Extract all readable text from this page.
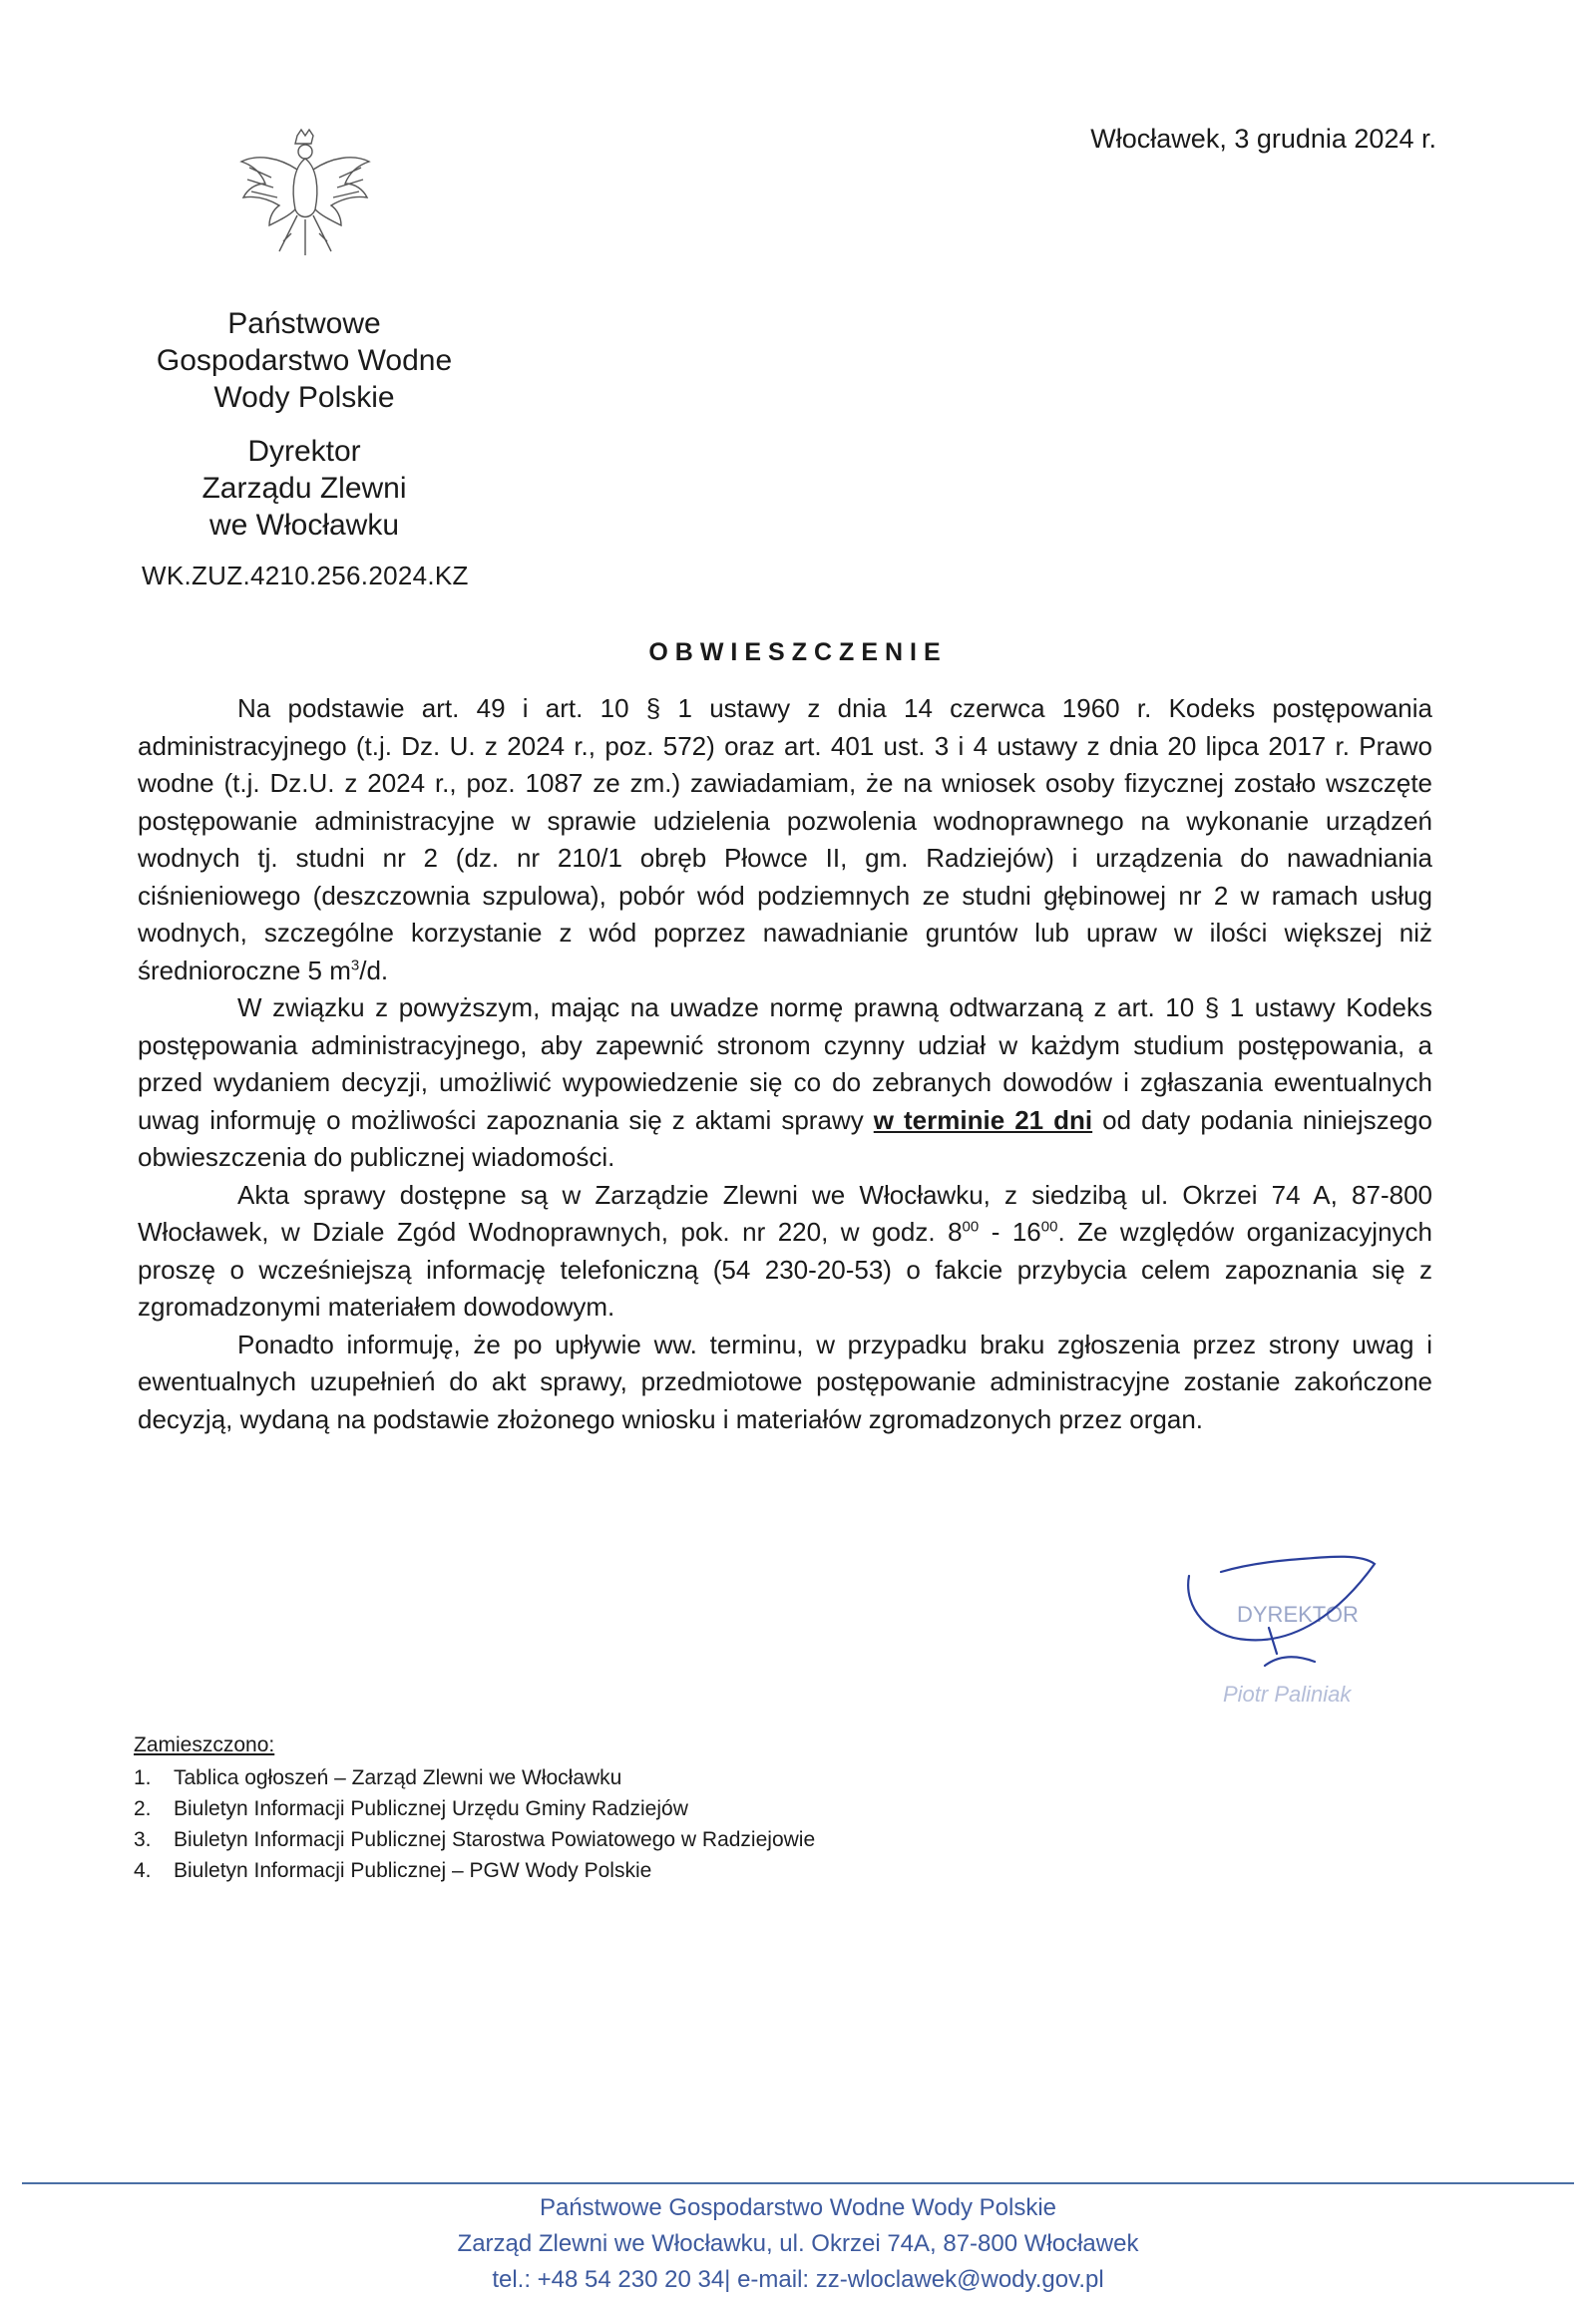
Włocławek, 3 grudnia 2024 r.
Państwowe
Gospodarstwo Wodne
Wody Polskie
Dyrektor
Zarządu Zlewni
we Włocławku
WK.ZUZ.4210.256.2024.KZ
OBWIESZCZENIE

Na podstawie art. 49 i art. 10 § 1 ustawy z dnia 14 czerwca 1960 r. Kodeks postępowania administracyjnego (t.j. Dz. U. z 2024 r., poz. 572) oraz art. 401 ust. 3 i 4 ustawy z dnia 20 lipca 2017 r. Prawo wodne (t.j. Dz.U. z 2024 r., poz. 1087 ze zm.) zawiadamiam, że na wniosek osoby fizycznej zostało wszczęte postępowanie administracyjne w sprawie udzielenia pozwolenia wodnoprawnego na wykonanie urządzeń wodnych tj. studni nr 2 (dz. nr 210/1 obręb Płowce II, gm. Radziejów) i urządzenia do nawadniania ciśnieniowego (deszczownia szpulowa), pobór wód podziemnych ze studni głębinowej nr 2 w ramach usług wodnych, szczególne korzystanie z wód poprzez nawadnianie gruntów lub upraw w ilości większej niż średnioroczne 5 $m^3/d$.

W związku z powyższym, mając na uwadze normę prawną odtwarzaną z art. 10 § 1 ustawy Kodeks postępowania administracyjnego, aby zapewnić stronom czynny udział w każdym studium postępowania, a przed wydaniem decyzji, umożliwić wypowiedzenie się co do zebranych dowodów i zgłaszania ewentualnych uwag informuję o możliwości zapoznania się z aktami sprawy w terminie 21 dni od daty podania niniejszego obwieszczenia do publicznej wiadomości.

Akta sprawy dostępne są w Zarządzie Zlewni we Włocławku, z siedzibą ul. Okrzei 74 A, 87-800 Włocławek, w Dziale Zgód Wodnoprawnych, pok. nr 220, w godz. $8^{00} - 16^{00}$. Ze względów organizacyjnych proszę o wcześniejszą informację telefoniczną (54 230-20-53) o fakcie przybycia celem zapoznania się z zgromadzonymi materiałem dowodowym.

Ponadto informuję, że po upływie ww. terminu, w przypadku braku zgłoszenia przez strony uwag i ewentualnych uzupełnień do akt sprawy, przedmiotowe postępowanie administracyjne zostanie zakończone decyzją, wydaną na podstawie złożonego wniosku i materiałów zgromadzonych przez organ.

DYREKTOR
Piotr Paliniak
Zamieszczono:
1. Tablica ogłoszeń – Zarząd Zlewni we Włocławku
2. Biuletyn Informacji Publicznej Urzędu Gminy Radziejów
3. Biuletyn Informacji Publicznej Starostwa Powiatowego w Radziejowie
4. Biuletyn Informacji Publicznej – PGW Wody Polskie
Państwowe Gospodarstwo Wodne Wody Polskie
Zarząd Zlewni we Włocławku, ul. Okrzei 74A, 87-800 Włocławek
tel.: +48 54 230 20 34| e-mail: zz-wloclawek@wody.gov.pl
